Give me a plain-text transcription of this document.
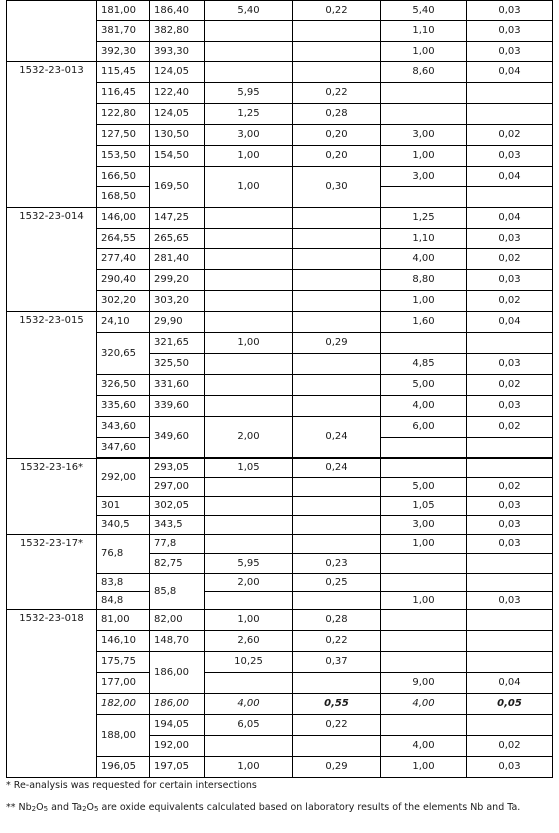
	181,00	186,40	5,40	0,22	5,40	0,03
	381,70	382,80			1,10	0,03
	392,30	393,30			1,00	0,03
1532-23-013	115,45	124,05			8,60	0,04
	116,45	122,40	5,95	0,22		
	122,80	124,05	1,25	0,28		
	127,50	130,50	3,00	0,20	3,00	0,02
	153,50	154,50	1,00	0,20	1,00	0,03
	166,50	169,50	1,00	0,30	3,00	0,04
	168,50					
1532-23-014	146,00	147,25			1,25	0,04
	264,55	265,65			1,10	0,03
	277,40	281,40			4,00	0,02
	290,40	299,20			8,80	0,03
	302,20	303,20			1,00	0,02
1532-23-015	24,10	29,90			1,60	0,04
	320,65	321,65	1,00	0,29		
		325,50			4,85	0,03
	326,50	331,60			5,00	0,02
	335,60	339,60			4,00	0,03
	343,60	349,60	2,00	0,24	6,00	0,02
	347,60					

1532-23-16*	292,00	293,05	1,05	0,24		
		297,00			5,00	0,02
	301	302,05			1,05	0,03
	340,5	343,5			3,00	0,03
1532-23-17*	76,8	77,8			1,00	0,03
		82,75	5,95	0,23		
	83,8	85,8	2,00	0,25		
	84,8				1,00	0,03
1532-23-018	81,00	82,00	1,00	0,28		
	146,10	148,70	2,60	0,22		
	175,75	186,00	10,25	0,37		
	177,00				9,00	0,04
	182,00	186,00	4,00	0,55	4,00	0,05
	188,00	194,05	6,05	0,22		
		192,00			4,00	0,02
	196,05	197,05	1,00	0,29	1,00	0,03

* Re-analysis was requested for certain intersections

** $Nb_2O_5$ and $Ta_2O_5$ are oxide equivalents calculated based on laboratory results of the elements Nb and Ta.
